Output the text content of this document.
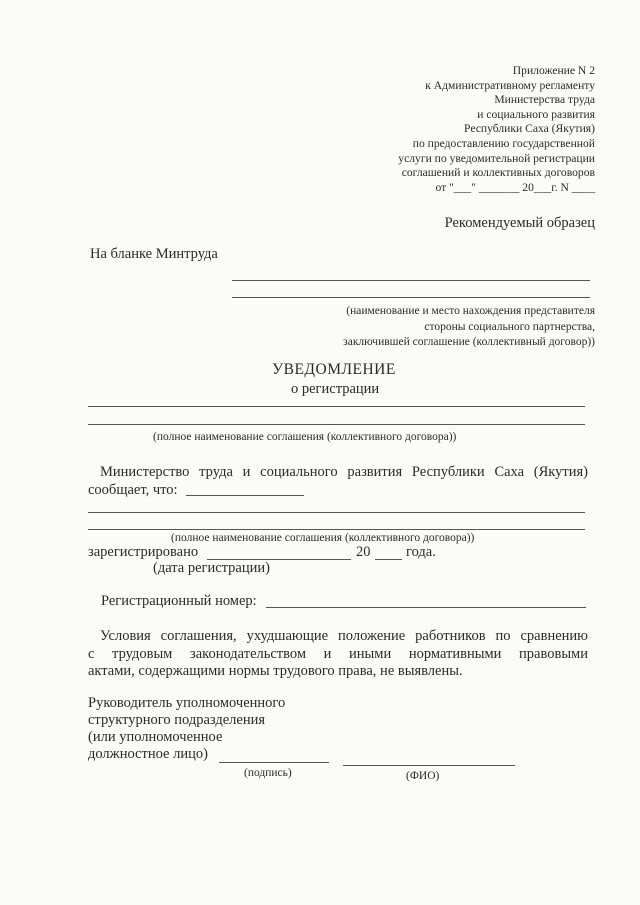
Приложение N 2
к Административному регламенту
Министерства труда
и социального развития
Республики Саха (Якутия)
по предоставлению государственной
услуги по уведомительной регистрации
соглашений и коллективных договоров
от "___" _______ 20___г. N ____
Рекомендуемый образец
На бланке Минтруда
(наименование и место нахождения представителя
стороны социального партнерства,
заключившей соглашение (коллективный договор))
УВЕДОМЛЕНИЕ
о регистрации
(полное наименование соглашения (коллективного договора))
Министерство труда и социального развития Республики Саха (Якутия)
сообщает, что:
(полное наименование соглашения (коллективного договора))
зарегистрировано	20 года.
(дата регистрации)
Регистрационный номер:
Условия соглашения, ухудшающие положение работников по сравнению
с трудовым законодательством и иными нормативными правовыми
актами, содержащими нормы трудового права, не выявлены.
Руководитель уполномоченного
структурного подразделения
(или уполномоченное
должностное лицо)
(подпись)	(ФИО)
